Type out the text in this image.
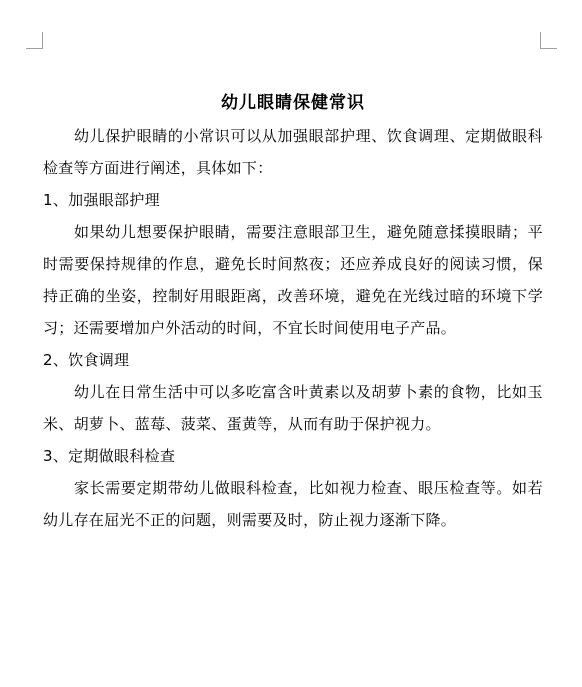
幼儿眼睛保健常识

幼儿保护眼睛的小常识可以从加强眼部护理、饮食调理、定期做眼科检查等方面进行阐述，具体如下：

1、加强眼部护理

如果幼儿想要保护眼睛，需要注意眼部卫生，避免随意揉摸眼睛；平时需要保持规律的作息，避免长时间熬夜；还应养成良好的阅读习惯，保持正确的坐姿，控制好用眼距离，改善环境，避免在光线过暗的环境下学习；还需要增加户外活动的时间，不宜长时间使用电子产品。

2、饮食调理

幼儿在日常生活中可以多吃富含叶黄素以及胡萝卜素的食物，比如玉米、胡萝卜、蓝莓、菠菜、蛋黄等，从而有助于保护视力。

3、定期做眼科检查

家长需要定期带幼儿做眼科检查，比如视力检查、眼压检查等。如若幼儿存在屈光不正的问题，则需要及时，防止视力逐渐下降。
